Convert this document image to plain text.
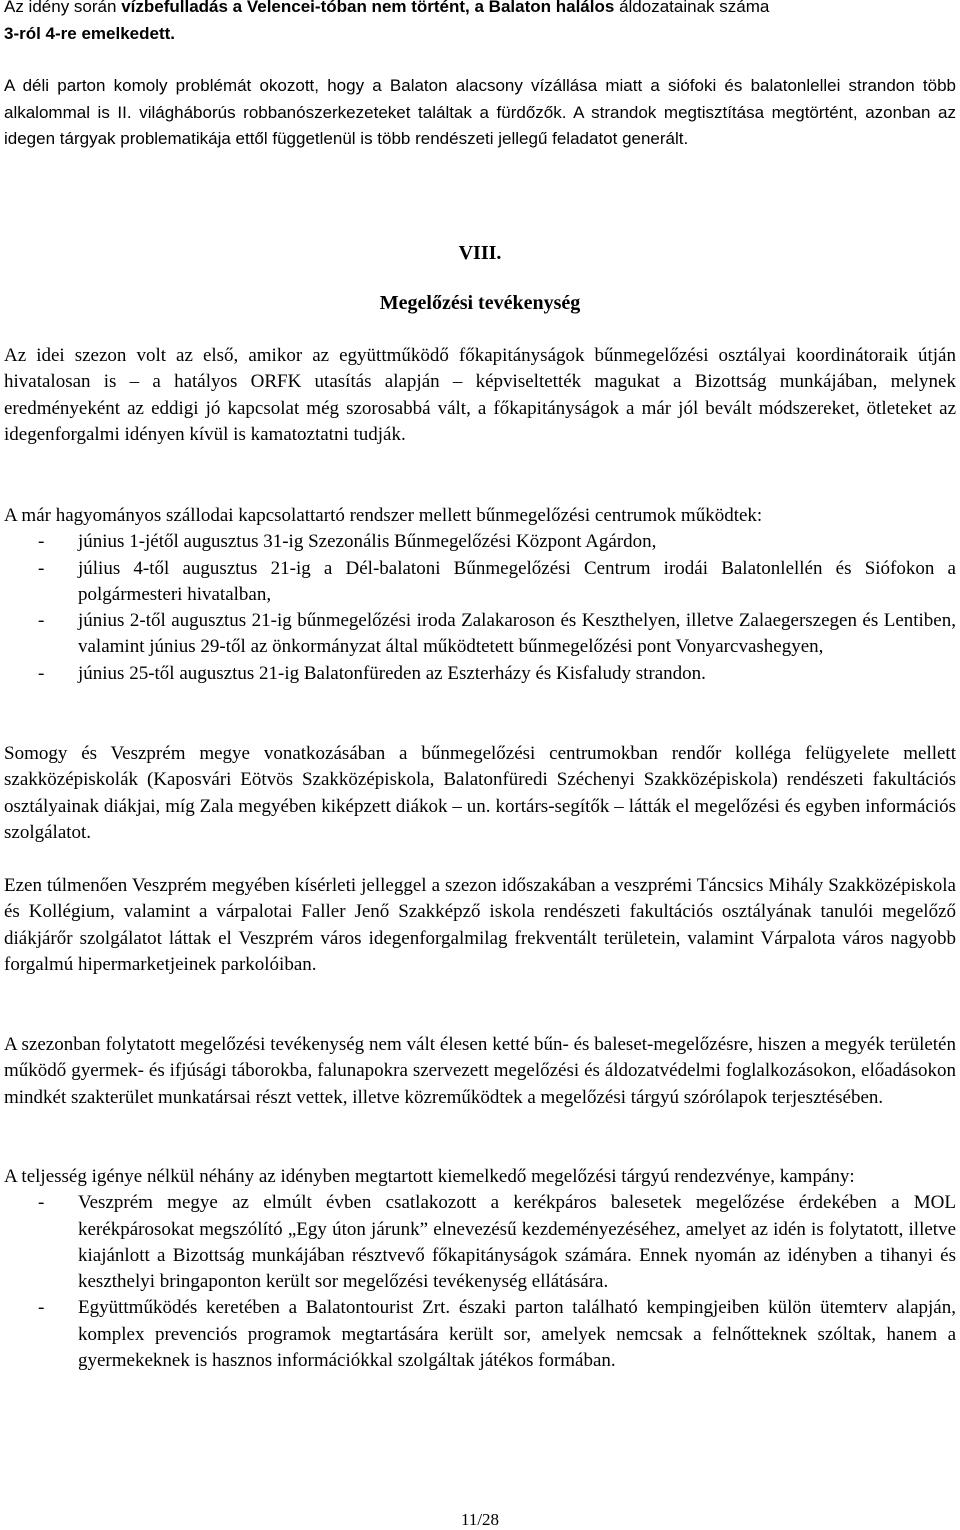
Az idény során vízbefulladás a Velencei-tóban nem történt, a Balaton halálos áldozatainak száma
3-ról 4-re emelkedett.

A déli parton komoly problémát okozott, hogy a Balaton alacsony vízállása miatt a siófoki és balatonlellei strandon több alkalommal is II. világháborús robbanószerkezeteket találtak a fürdőzők. A strandok megtisztítása megtörtént, azonban az idegen tárgyak problematikája ettől függetlenül is több rendészeti jellegű feladatot generált.

VIII.
Megelőzési tevékenység

Az idei szezon volt az első, amikor az együttműködő főkapitányságok bűnmegelőzési osztályai koordinátoraik útján hivatalosan is – a hatályos ORFK utasítás alapján – képviseltették magukat a Bizottság munkájában, melynek eredményeként az eddigi jó kapcsolat még szorosabbá vált, a főkapitányságok a már jól bevált módszereket, ötleteket az idegenforgalmi idényen kívül is kamatoztatni tudják.

A már hagyományos szállodai kapcsolattartó rendszer mellett bűnmegelőzési centrumok működtek:

- június 1-jétől augusztus 31-ig Szezonális Bűnmegelőzési Központ Agárdon,
- július 4-től augusztus 21-ig a Dél-balatoni Bűnmegelőzési Centrum irodái Balatonlellén és Siófokon a polgármesteri hivatalban,
- június 2-től augusztus 21-ig bűnmegelőzési iroda Zalakaroson és Keszthelyen, illetve Zalaegerszegen és Lentiben, valamint június 29-től az önkormányzat által működtetett bűnmegelőzési pont Vonyarcvashegyen,
- június 25-től augusztus 21-ig Balatonfüreden az Eszterházy és Kisfaludy strandon.

Somogy és Veszprém megye vonatkozásában a bűnmegelőzési centrumokban rendőr kolléga felügyelete mellett szakközépiskolák (Kaposvári Eötvös Szakközépiskola, Balatonfüredi Széchenyi Szakközépiskola) rendészeti fakultációs osztályainak diákjai, míg Zala megyében kiképzett diákok – un. kortárs-segítők – látták el megelőzési és egyben információs szolgálatot.

Ezen túlmenően Veszprém megyében kísérleti jelleggel a szezon időszakában a veszprémi Táncsics Mihály Szakközépiskola és Kollégium, valamint a várpalotai Faller Jenő Szakképző iskola rendészeti fakultációs osztályának tanulói megelőző diákjárőr szolgálatot láttak el Veszprém város idegenforgalmilag frekventált területein, valamint Várpalota város nagyobb forgalmú hipermarketjeinek parkolóiban.

A szezonban folytatott megelőzési tevékenység nem vált élesen ketté bűn- és baleset-megelőzésre, hiszen a megyék területén működő gyermek- és ifjúsági táborokba, falunapokra szervezett megelőzési és áldozatvédelmi foglalkozásokon, előadásokon mindkét szakterület munkatársai részt vettek, illetve közreműködtek a megelőzési tárgyú szórólapok terjesztésében.

A teljesség igénye nélkül néhány az idényben megtartott kiemelkedő megelőzési tárgyú rendezvénye, kampány:

- Veszprém megye az elmúlt évben csatlakozott a kerékpáros balesetek megelőzése érdekében a MOL kerékpárosokat megszólító „Egy úton járunk” elnevezésű kezdeményezéséhez, amelyet az idén is folytatott, illetve kiajánlott a Bizottság munkájában résztvevő főkapitányságok számára. Ennek nyomán az idényben a tihanyi és keszthelyi bringaponton került sor megelőzési tevékenység ellátására.
- Együttműködés keretében a Balatontourist Zrt. északi parton található kempingjeiben külön ütemterv alapján, komplex prevenciós programok megtartására került sor, amelyek nemcsak a felnőtteknek szóltak, hanem a gyermekeknek is hasznos információkkal szolgáltak játékos formában.
11/28
